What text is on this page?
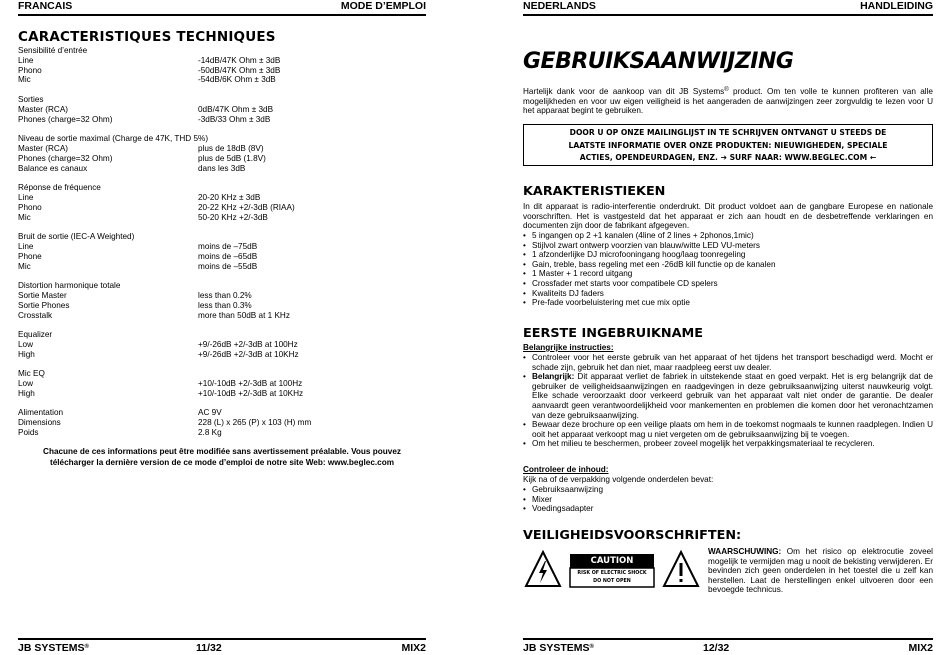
FRANCAIS	MODE D’EMPLOI
CARACTERISTIQUES TECHNIQUES
Sensibilité d’entrée
Line	-14dB/47K Ohm ± 3dB
Phono	-50dB/47K Ohm ± 3dB
Mic	-54dB/6K Ohm ± 3dB
Sorties
Master (RCA)	0dB/47K Ohm ± 3dB
Phones (charge=32 Ohm)	-3dB/33 Ohm ± 3dB
Niveau de sortie maximal (Charge de 47K, THD 5%)
Master (RCA)	plus de 18dB (8V)
Phones (charge=32 Ohm)	plus de 5dB (1.8V)
Balance es canaux	dans les 3dB
Réponse de fréquence
Line	20-20 KHz ± 3dB
Phono	20-22 KHz +2/-3dB (RIAA)
Mic	50-20 KHz +2/-3dB
Bruit de sortie (IEC-A Weighted)
Line	moins de –75dB
Phone	moins de –65dB
Mic	moins de –55dB
Distortion harmonique totale
Sortie Master	less than 0.2%
Sortie Phones	less than 0.3%
Crosstalk	more than 50dB at 1 KHz
Equalizer
Low	+9/-26dB +2/-3dB at 100Hz
High	+9/-26dB +2/-3dB at 10KHz
Mic EQ
Low	+10/-10dB +2/-3dB at 100Hz
High	+10/-10dB +2/-3dB at 10KHz
Alimentation	AC 9V
Dimensions	228 (L) x 265 (P) x 103 (H) mm
Poids	2.8 Kg
Chacune de ces informations peut être modifiée sans avertissement préalable. Vous pouvez
télécharger la dernière version de ce mode d’emploi de notre site Web: www.beglec.com
JB SYSTEMS®	11/32	MIX2
NEDERLANDS	HANDLEIDING
GEBRUIKSAANWIJZING
Hartelijk dank voor de aankoop van dit JB Systems® product. Om ten volle te kunnen profiteren van alle mogelijkheden en voor uw eigen veiligheid is het aangeraden de aanwijzingen zeer zorgvuldig te lezen voor U het apparaat begint te gebruiken.
DOOR U OP ONZE MAILINGLIJST IN TE SCHRIJVEN ONTVANGT U STEEDS DE
LAATSTE INFORMATIE OVER ONZE PRODUKTEN: NIEUWIGHEDEN, SPECIALE
ACTIES, OPENDEURDAGEN, ENZ. ➔ SURF NAAR: WWW.BEGLEC.COM ←
KARAKTERISTIEKEN
In dit apparaat is radio-interferentie onderdrukt. Dit product voldoet aan de gangbare Europese en nationale voorschriften. Het is vastgesteld dat het apparaat er zich aan houdt en de desbetreffende verklaringen en documenten zijn door de fabrikant afgegeven.
• 5 ingangen op 2 +1 kanalen (4line of 2 lines + 2phonos,1mic)
• Stijlvol zwart ontwerp voorzien van blauw/witte LED VU-meters
• 1 afzonderlijke DJ microfooningang hoog/laag toonregeling
• Gain, treble, bass regeling met een -26dB kill functie op de kanalen
• 1 Master + 1 record uitgang
• Crossfader met starts voor compatibele CD spelers
• Kwaliteits DJ faders
• Pre-fade voorbeluistering met cue mix optie
EERSTE INGEBRUIKNAME
Belangrijke instructies:
• Controleer voor het eerste gebruik van het apparaat of het tijdens het transport beschadigd werd. Mocht er schade zijn, gebruik het dan niet, maar raadpleeg eerst uw dealer.
• Belangrijk: Dit apparaat verliet de fabriek in uitstekende staat en goed verpakt. Het is erg belangrijk dat de gebruiker de veiligheidsaanwijzingen en raadgevingen in deze gebruiksaanwijzing uiterst nauwkeurig volgt. Elke schade veroorzaakt door verkeerd gebruik van het apparaat valt niet onder de garantie. De dealer aanvaardt geen verantwoordelijkheid voor mankementen en problemen die komen door het veronachtzamen van deze gebruiksaanwijzing.
• Bewaar deze brochure op een veilige plaats om hem in de toekomst nogmaals te kunnen raadplegen. Indien U ooit het apparaat verkoopt mag u niet vergeten om de gebruiksaanwijzing bij te voegen.
• Om het milieu te beschermen, probeer zoveel mogelijk het verpakkingsmateriaal te recycleren.
Controleer de inhoud:
Kijk na of de verpakking volgende onderdelen bevat:
• Gebruiksaanwijzing
• Mixer
• Voedingsadapter
VEILIGHEIDSVOORSCHRIFTEN:
CAUTION
RISK OF ELECTRIC SHOCK
DO NOT OPEN
WAARSCHUWING: Om het risico op elektrocutie zoveel mogelijk te vermijden mag u nooit de bekisting verwijderen. Er bevinden zich geen onderdelen in het toestel die u zelf kan herstellen. Laat de herstellingen enkel uitvoeren door een bevoegde technicus.
JB SYSTEMS®	12/32	MIX2
